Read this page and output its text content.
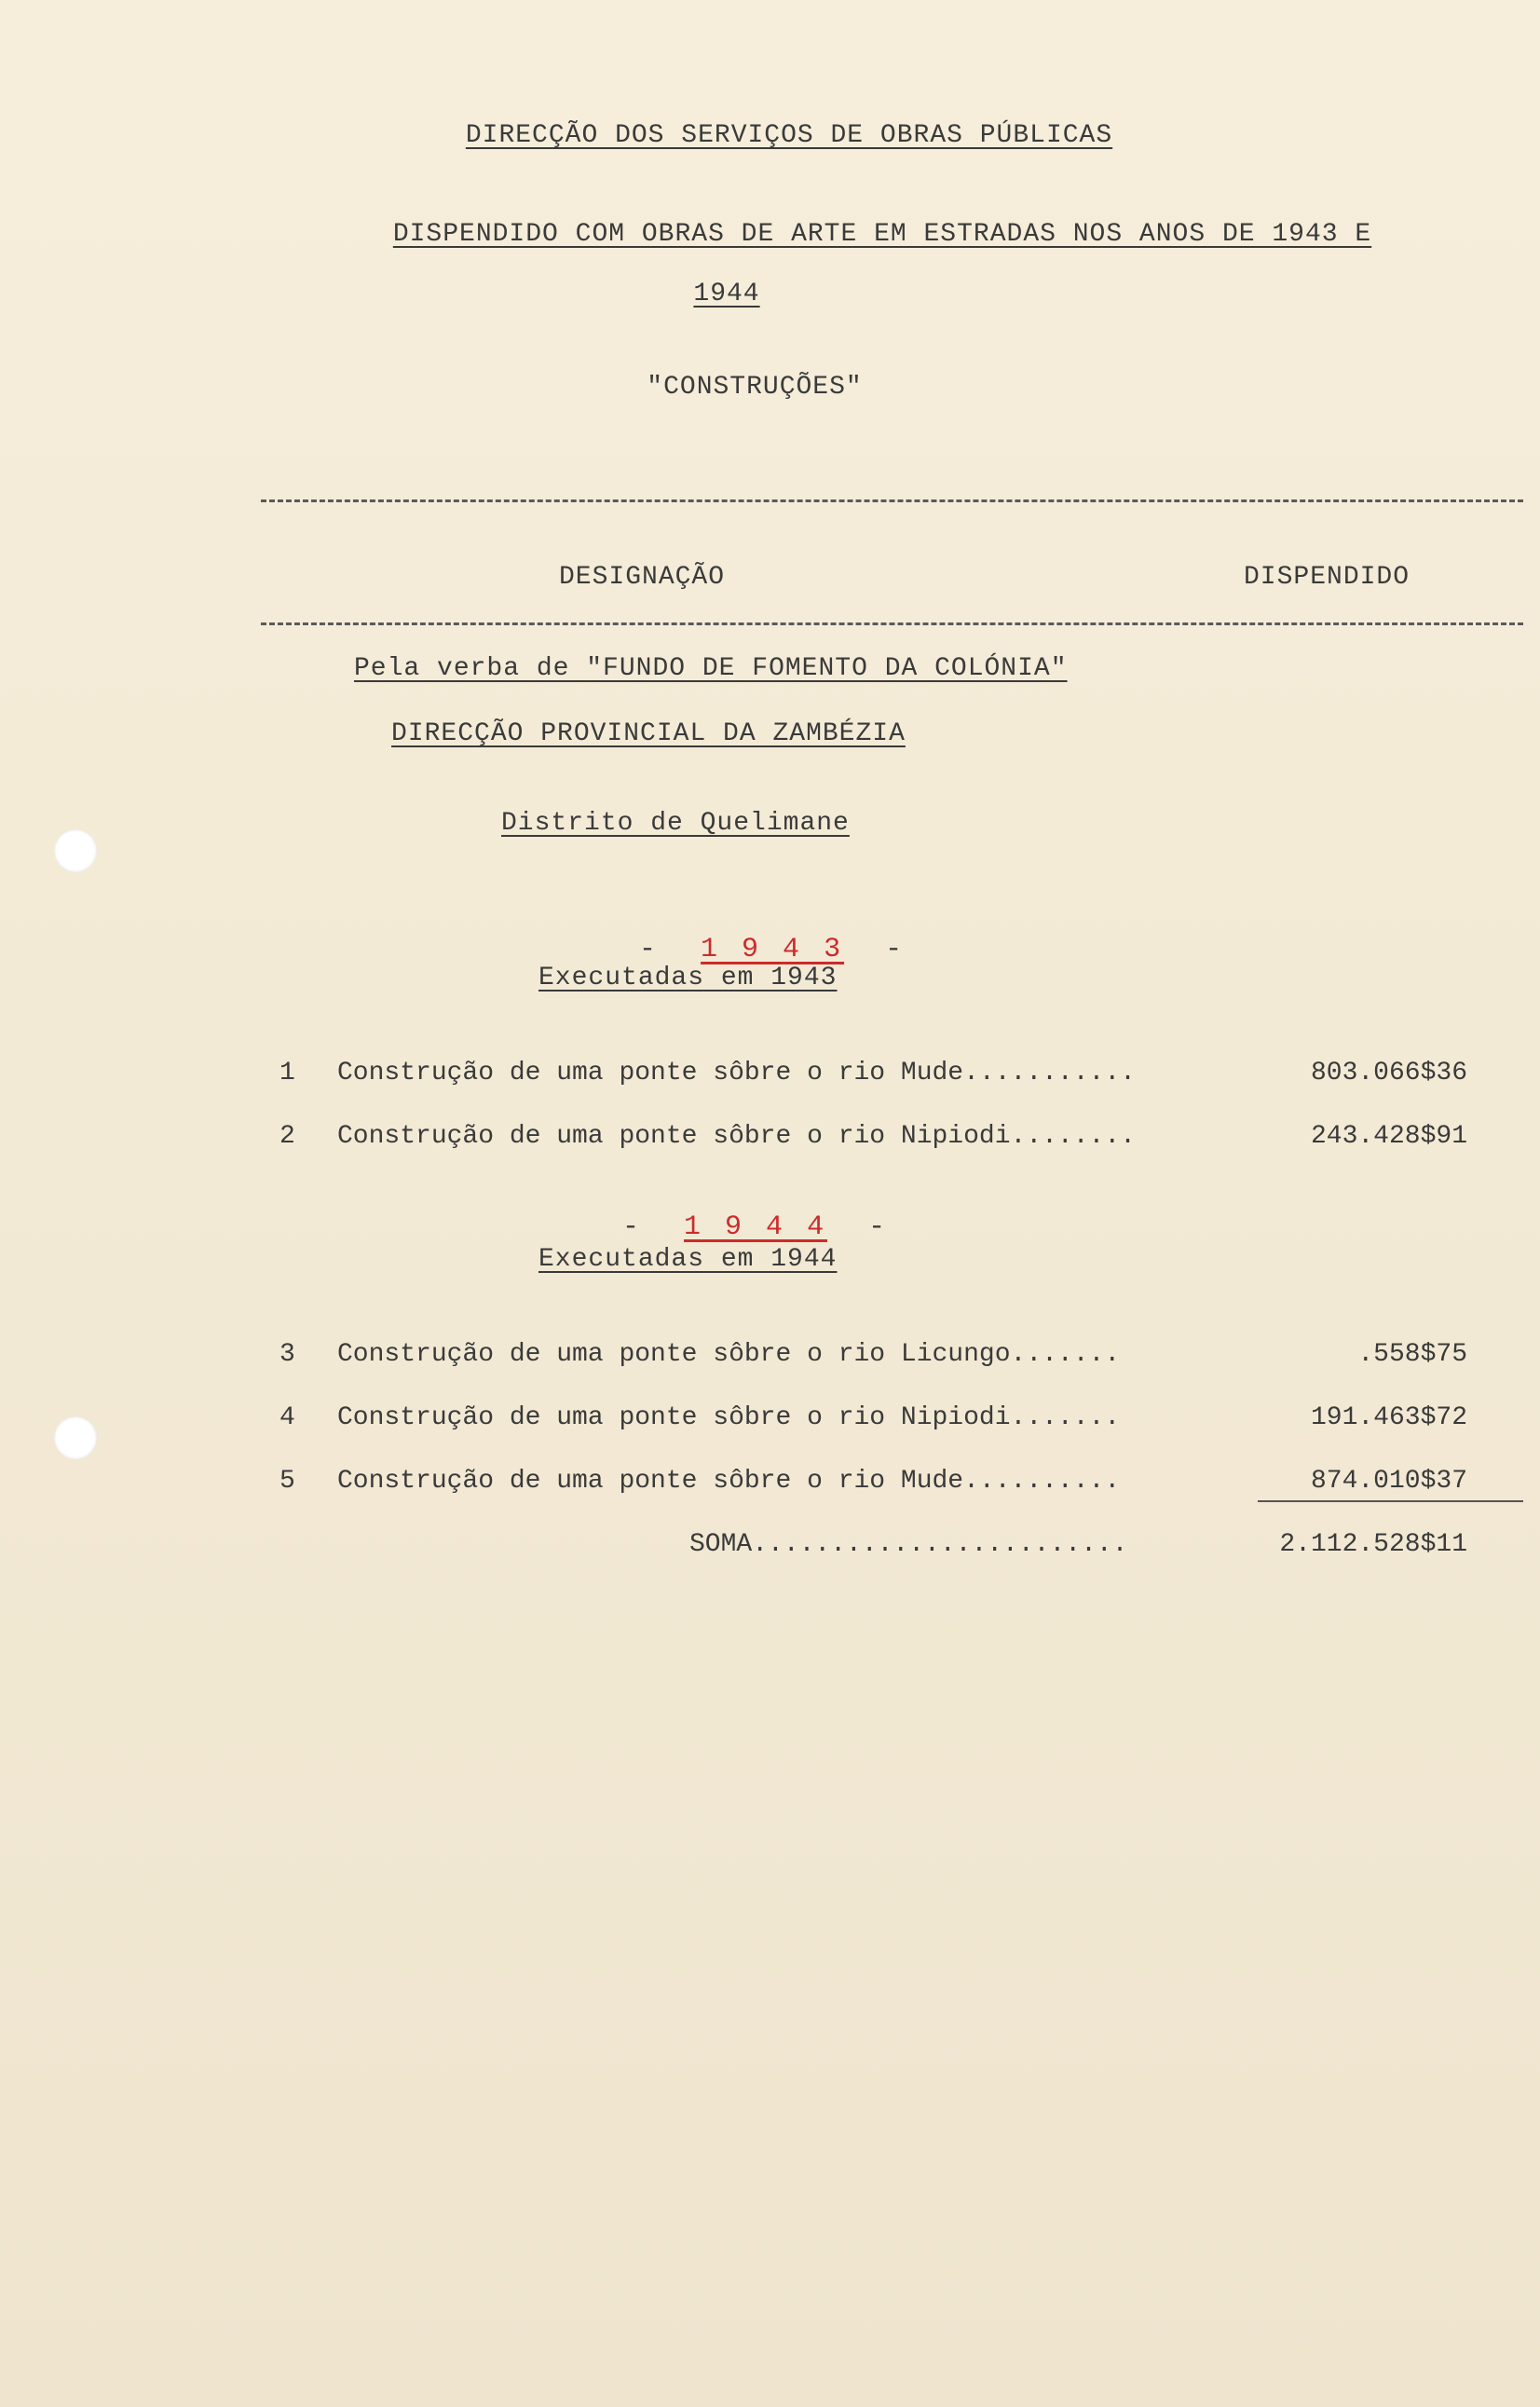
DIRECÇÃO DOS SERVIÇOS DE OBRAS PÚBLICAS
DISPENDIDO COM OBRAS DE ARTE EM ESTRADAS NOS ANOS DE 1943 E
1944
"CONSTRUÇÕES"
DESIGNAÇÃO	DISPENDIDO
Pela verba de "FUNDO DE FOMENTO DA COLÓNIA"
DIRECÇÃO PROVINCIAL DA ZAMBÉZIA
Distrito de Quelimane

- 1 9 4 3 -

Executadas em 1943
1 Construção de uma ponte sôbre o rio Mude...........	803.066$36
2 Construção de uma ponte sôbre o rio Nipiodi........	243.428$91

- 1 9 4 4 -

Executadas em 1944
3 Construção de uma ponte sôbre o rio Licungo.......	.558$75
4 Construção de uma ponte sôbre o rio Nipiodi.......	191.463$72
5 Construção de uma ponte sôbre o rio Mude..........	874.010$37
SOMA........................	2.112.528$11
